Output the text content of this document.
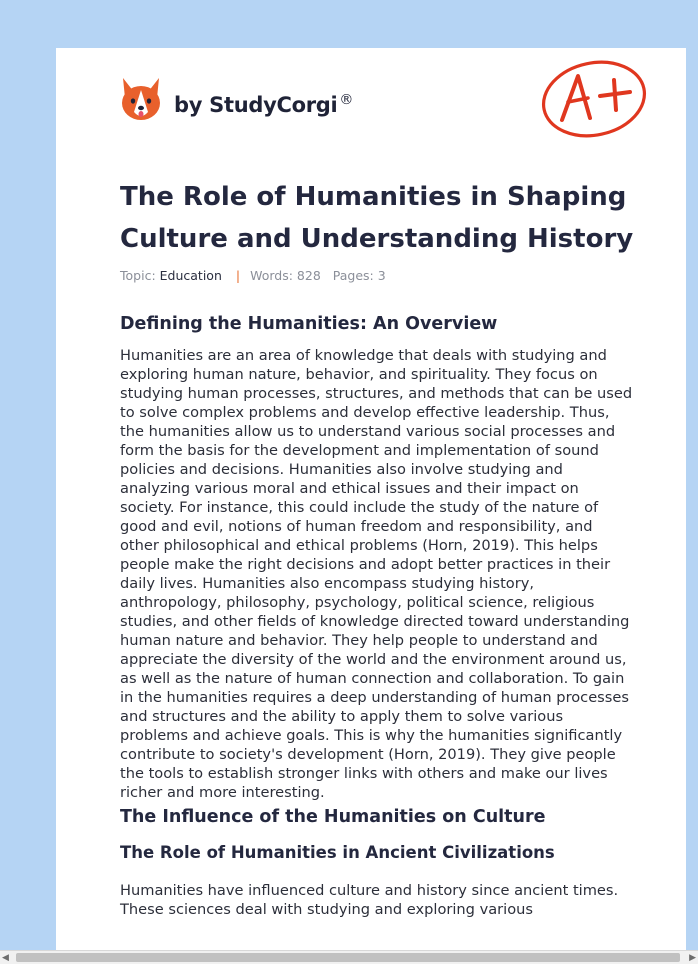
by StudyCorgi ®
The Role of Humanities in Shaping Culture and Understanding History
Topic: Education | Words: 828 Pages: 3
Defining the Humanities: An Overview

Humanities are an area of knowledge that deals with studying and exploring human nature, behavior, and spirituality. They focus on studying human processes, structures, and methods that can be used to solve complex problems and develop effective leadership. Thus, the humanities allow us to understand various social processes and form the basis for the development and implementation of sound policies and decisions. Humanities also involve studying and analyzing various moral and ethical issues and their impact on society. For instance, this could include the study of the nature of good and evil, notions of human freedom and responsibility, and other philosophical and ethical problems (Horn, 2019). This helps people make the right decisions and adopt better practices in their daily lives. Humanities also encompass studying history, anthropology, philosophy, psychology, political science, religious studies, and other fields of knowledge directed toward understanding human nature and behavior. They help people to understand and appreciate the diversity of the world and the environment around us, as well as the nature of human connection and collaboration. To gain in the humanities requires a deep understanding of human processes and structures and the ability to apply them to solve various problems and achieve goals. This is why the humanities significantly contribute to society's development (Horn, 2019). They give people the tools to establish stronger links with others and make our lives richer and more interesting.

The Influence of the Humanities on Culture
The Role of Humanities in Ancient Civilizations

Humanities have influenced culture and history since ancient times. These sciences deal with studying and exploring various

◀	▶
